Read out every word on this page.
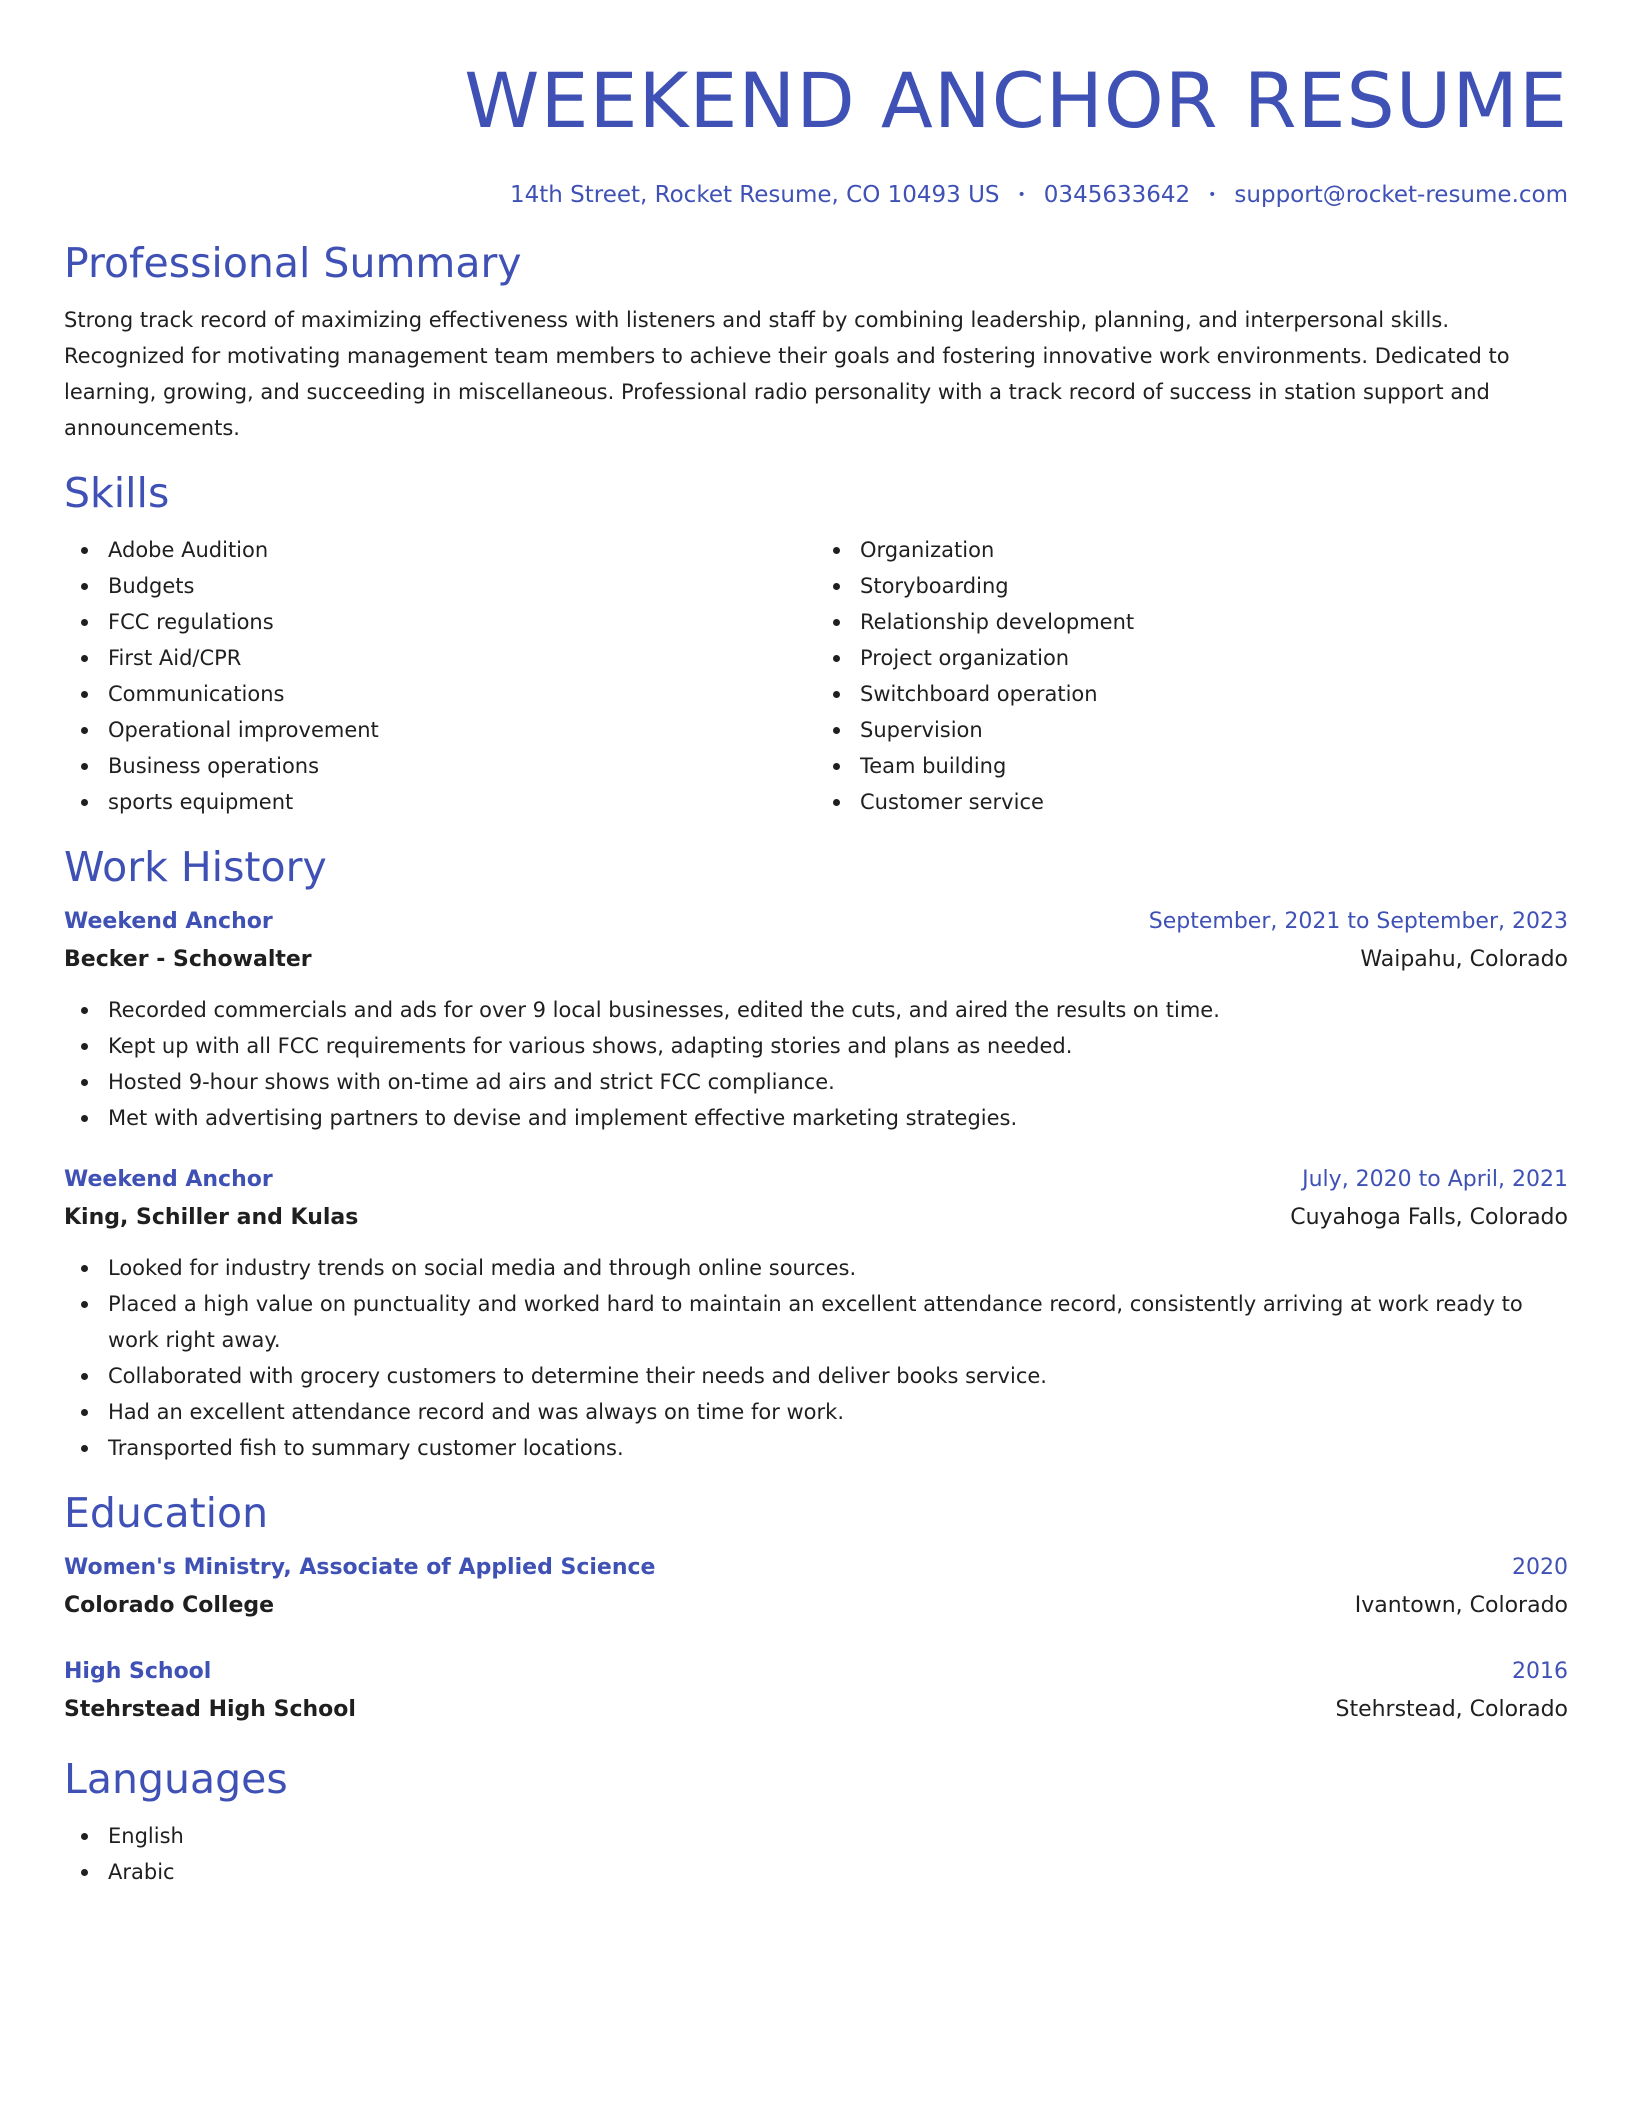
WEEKEND ANCHOR RESUME
14th Street, Rocket Resume, CO 10493 US • 0345633642 • support@rocket-resume.com
Professional Summary

Strong track record of maximizing effectiveness with listeners and staff by combining leadership, planning, and interpersonal skills. Recognized for motivating management team members to achieve their goals and fostering innovative work environments. Dedicated to learning, growing, and succeeding in miscellaneous. Professional radio personality with a track record of success in station support and announcements.

Skills
Adobe Audition
Budgets
FCC regulations
First Aid/CPR
Communications
Operational improvement
Business operations
sports equipment
Organization
Storyboarding
Relationship development
Project organization
Switchboard operation
Supervision
Team building
Customer service
Work History
Weekend Anchor	September, 2021 to September, 2023
Becker - Schowalter	Waipahu, Colorado
Recorded commercials and ads for over 9 local businesses, edited the cuts, and aired the results on time.
Kept up with all FCC requirements for various shows, adapting stories and plans as needed.
Hosted 9-hour shows with on-time ad airs and strict FCC compliance.
Met with advertising partners to devise and implement effective marketing strategies.
Weekend Anchor	July, 2020 to April, 2021
King, Schiller and Kulas	Cuyahoga Falls, Colorado
Looked for industry trends on social media and through online sources.
Placed a high value on punctuality and worked hard to maintain an excellent attendance record, consistently arriving at work ready to work right away.
Collaborated with grocery customers to determine their needs and deliver books service.
Had an excellent attendance record and was always on time for work.
Transported fish to summary customer locations.
Education
Women's Ministry, Associate of Applied Science	2020
Colorado College	Ivantown, Colorado
High School	2016
Stehrstead High School	Stehrstead, Colorado
Languages
English
Arabic
